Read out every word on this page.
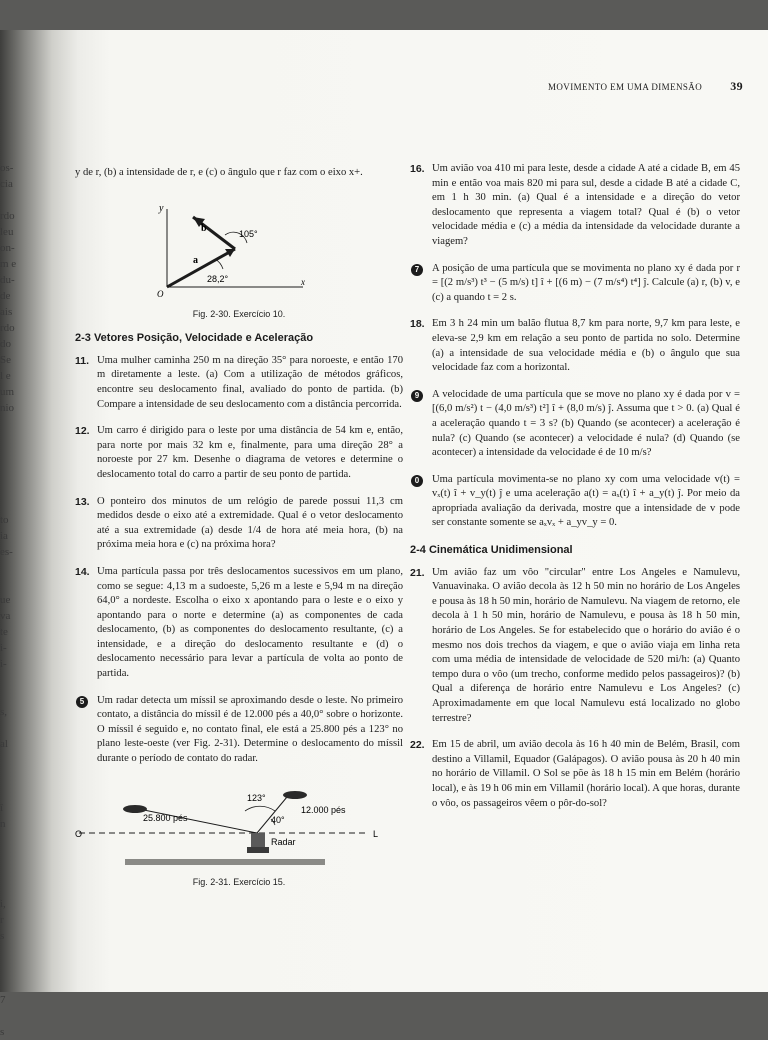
os-
cia

rdo
leu
on-
m e
du-
de
ais
rdo
do
Se
l e
um
nio

to
ia
es-

ue
va
te
i-
i-

s,

al

î
n

i,
r
s

7

s
MOVIMENTO EM UMA DIMENSÃO 39
y de r, (b) a intensidade de r, e (c) o ângulo que r faz com o eixo x+.
y
b	105°
a
28,2°
O
x
Fig. 2-30. Exercício 10.
2-3 Vetores Posição, Velocidade e Aceleração
11. Uma mulher caminha 250 m na direção 35° para noroeste, e então 170 m diretamente a leste. (a) Com a utilização de métodos gráficos, encontre seu deslocamento final, avaliado do ponto de partida. (b) Compare a intensidade de seu deslocamento com a distância percorrida.
12. Um carro é dirigido para o leste por uma distância de 54 km e, então, para norte por mais 32 km e, finalmente, para uma direção 28° a noroeste por 27 km. Desenhe o diagrama de vetores e determine o deslocamento total do carro a partir de seu ponto de partida.
13. O ponteiro dos minutos de um relógio de parede possui 11,3 cm medidos desde o eixo até a extremidade. Qual é o vetor deslocamento até a sua extremidade (a) desde 1/4 de hora até meia hora, (b) na próxima meia hora e (c) na próxima hora?
14. Uma partícula passa por três deslocamentos sucessivos em um plano, como se segue: 4,13 m a sudoeste, 5,26 m a leste e 5,94 m na direção 64,0° a nordeste. Escolha o eixo x apontando para o leste e o eixo y apontando para o norte e determine (a) as componentes de cada deslocamento, (b) as componentes do deslocamento resultante, (c) a intensidade, e a direção do deslocamento resultante e (d) o deslocamento necessário para levar a partícula de volta ao ponto de partida.
5	Um radar detecta um míssil se aproximando desde o leste. No primeiro contato, a distância do míssil é de 12.000 pés a 40,0° sobre o horizonte. O míssil é seguido e, no contato final, ele está a 25.800 pés a 123° no plano leste-oeste (ver Fig. 2-31). Determine o deslocamento do míssil durante o período de contato do radar.
123°
25.800 pés
12.000 pés
40°
O	L
Radar
Fig. 2-31. Exercício 15.
16. Um avião voa 410 mi para leste, desde a cidade A até a cidade B, em 45 min e então voa mais 820 mi para sul, desde a cidade B até a cidade C, em 1 h 30 min. (a) Qual é a intensidade e a direção do vetor deslocamento que representa a viagem total? Qual é (b) o vetor velocidade média e (c) a média da intensidade da velocidade durante a viagem?
7	A posição de uma partícula que se movimenta no plano xy é dada por r = [(2 m/s³) t³ − (5 m/s) t] î + [(6 m) − (7 m/s⁴) t⁴] ĵ. Calcule (a) r, (b) v, e (c) a quando t = 2 s.
18. Em 3 h 24 min um balão flutua 8,7 km para norte, 9,7 km para leste, e eleva-se 2,9 km em relação a seu ponto de partida no solo. Determine (a) a intensidade de sua velocidade média e (b) o ângulo que sua velocidade faz com a horizontal.
9	A velocidade de uma partícula que se move no plano xy é dada por v = [(6,0 m/s²) t − (4,0 m/s³) t²] î + (8,0 m/s) ĵ. Assuma que t > 0. (a) Qual é a aceleração quando t = 3 s? (b) Quando (se acontecer) a aceleração é nula? (c) Quando (se acontecer) a velocidade é nula? (d) Quando (se acontecer) a intensidade da velocidade é de 10 m/s?
0	Uma partícula movimenta-se no plano xy com uma velocidade v(t) = vₓ(t) î + v_y(t) ĵ e uma aceleração a(t) = aₓ(t) î + a_y(t) ĵ. Por meio da apropriada avaliação da derivada, mostre que a intensidade de v pode ser constante somente se aₓvₓ + a_yv_y = 0.
2-4 Cinemática Unidimensional
21. Um avião faz um vôo "circular" entre Los Angeles e Namulevu, Vanuavinaka. O avião decola às 12 h 50 min no horário de Los Angeles e pousa às 18 h 50 min, horário de Namulevu. Na viagem de retorno, ele decola à 1 h 50 min, horário de Namulevu, e pousa às 18 h 50 min, horário de Los Angeles. Se for estabelecido que o horário do avião é o mesmo nos dois trechos da viagem, e que o avião viaja em linha reta com uma média de intensidade de velocidade de 520 mi/h: (a) Quanto tempo dura o vôo (um trecho, conforme medido pelos passageiros)? (b) Qual a diferença de horário entre Namulevu e Los Angeles? (c) Aproximadamente em que local Namulevu está localizado no globo terrestre?
22. Em 15 de abril, um avião decola às 16 h 40 min de Belém, Brasil, com destino a Villamil, Equador (Galápagos). O avião pousa às 20 h 40 min no horário de Villamil. O Sol se põe às 18 h 15 min em Belém (horário local), e às 19 h 06 min em Villamil (horário local). A que horas, durante o vôo, os passageiros vêem o pôr-do-sol?
